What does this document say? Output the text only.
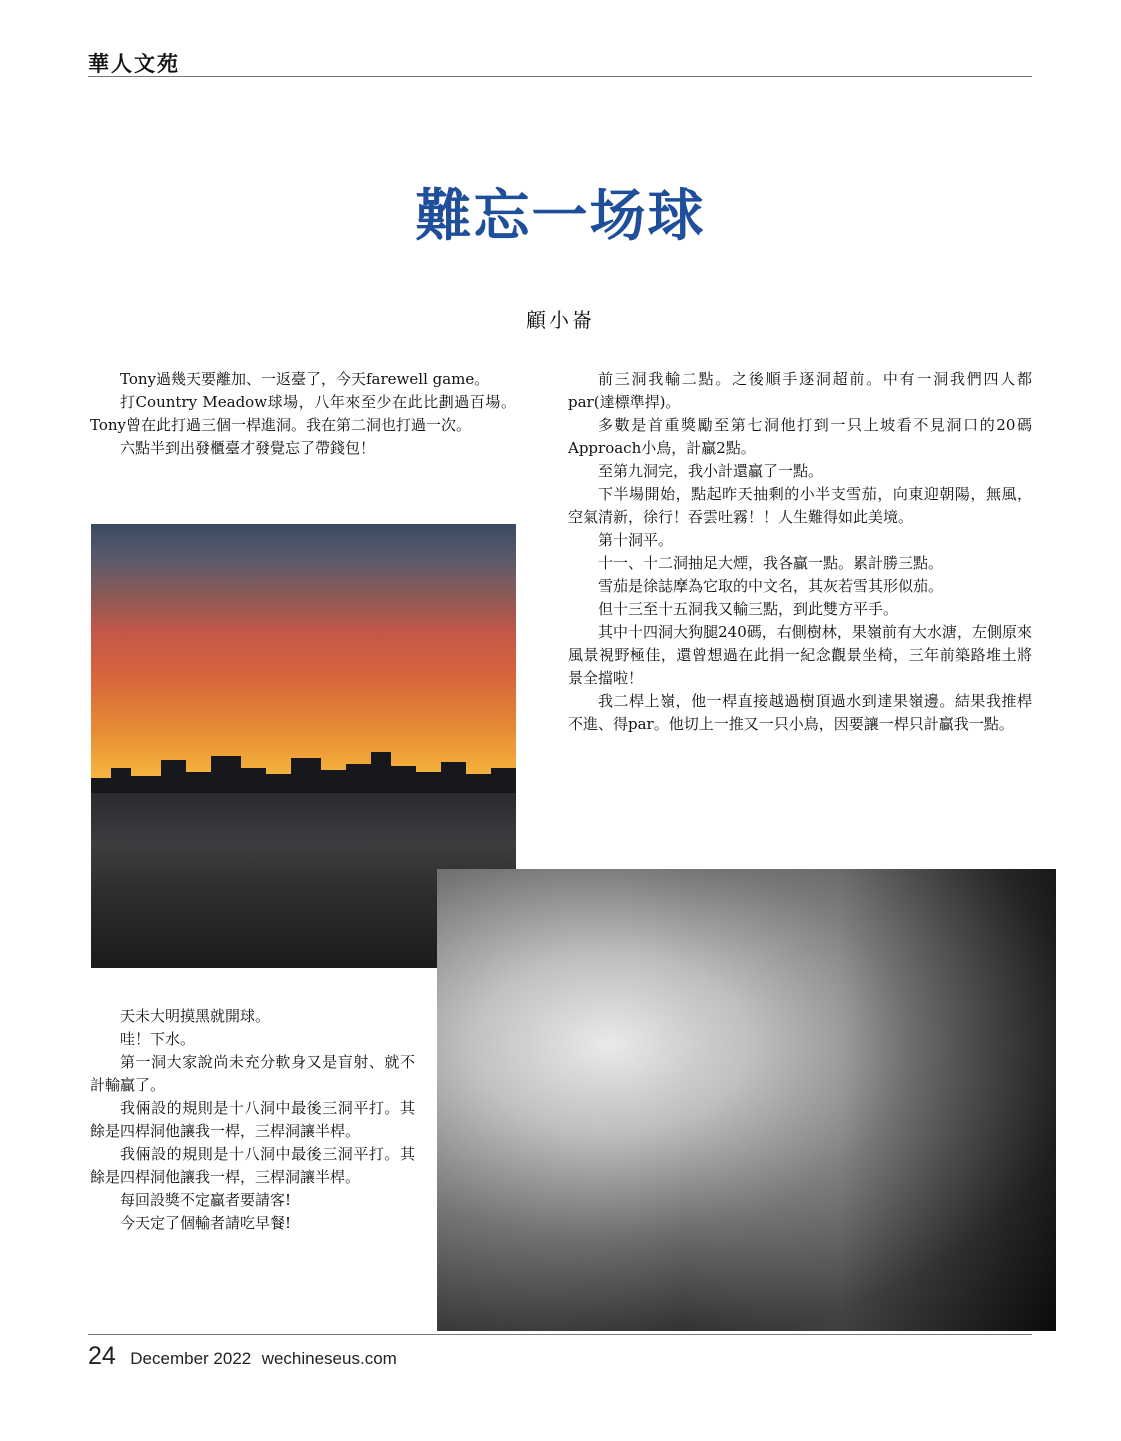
華人文苑
難忘一场球
顧小崙

Tony過幾天要離加、一返臺了，今天farewell game。

打Country Meadow球場，八年來至少在此比劃過百場。Tony曾在此打過三個一桿進洞。我在第二洞也打過一次。

六點半到出發櫃臺才發覺忘了帶錢包！

前三洞我輸二點。之後順手逐洞超前。中有一洞我們四人都par(達標準捍)。

多數是首重獎勵至第七洞他打到一只上坡看不見洞口的20碼Approach小鳥，計贏2點。

至第九洞完，我小計還贏了一點。

下半場開始，點起昨天抽剩的小半支雪茄，向東迎朝陽，無風，空氣清新，徐行！吞雲吐霧！！人生難得如此美境。

第十洞平。

十一、十二洞抽足大煙，我各贏一點。累計勝三點。

雪茄是徐誌摩為它取的中文名，其灰若雪其形似茄。

但十三至十五洞我又輸三點，到此雙方平手。

其中十四洞大狗腿240碼，右側樹林，果嶺前有大水溏，左側原來風景視野極佳，還曾想過在此捐一紀念觀景坐椅，三年前築路堆土將景全擋啦！

我二桿上嶺，他一桿直接越過樹頂過水到達果嶺邊。結果我推桿不進、得par。他切上一推又一只小鳥，因要讓一桿只計贏我一點。

天未大明摸黑就開球。

哇！下水。

第一洞大家說尚未充分軟身又是盲射、就不計輸贏了。

我倆設的規則是十八洞中最後三洞平打。其餘是四桿洞他讓我一桿，三桿洞讓半桿。

我倆設的規則是十八洞中最後三洞平打。其餘是四桿洞他讓我一桿，三桿洞讓半桿。

每回設獎不定贏者要請客!

今天定了個輸者請吃早餐!

24 December 2022 wechineseus.com
